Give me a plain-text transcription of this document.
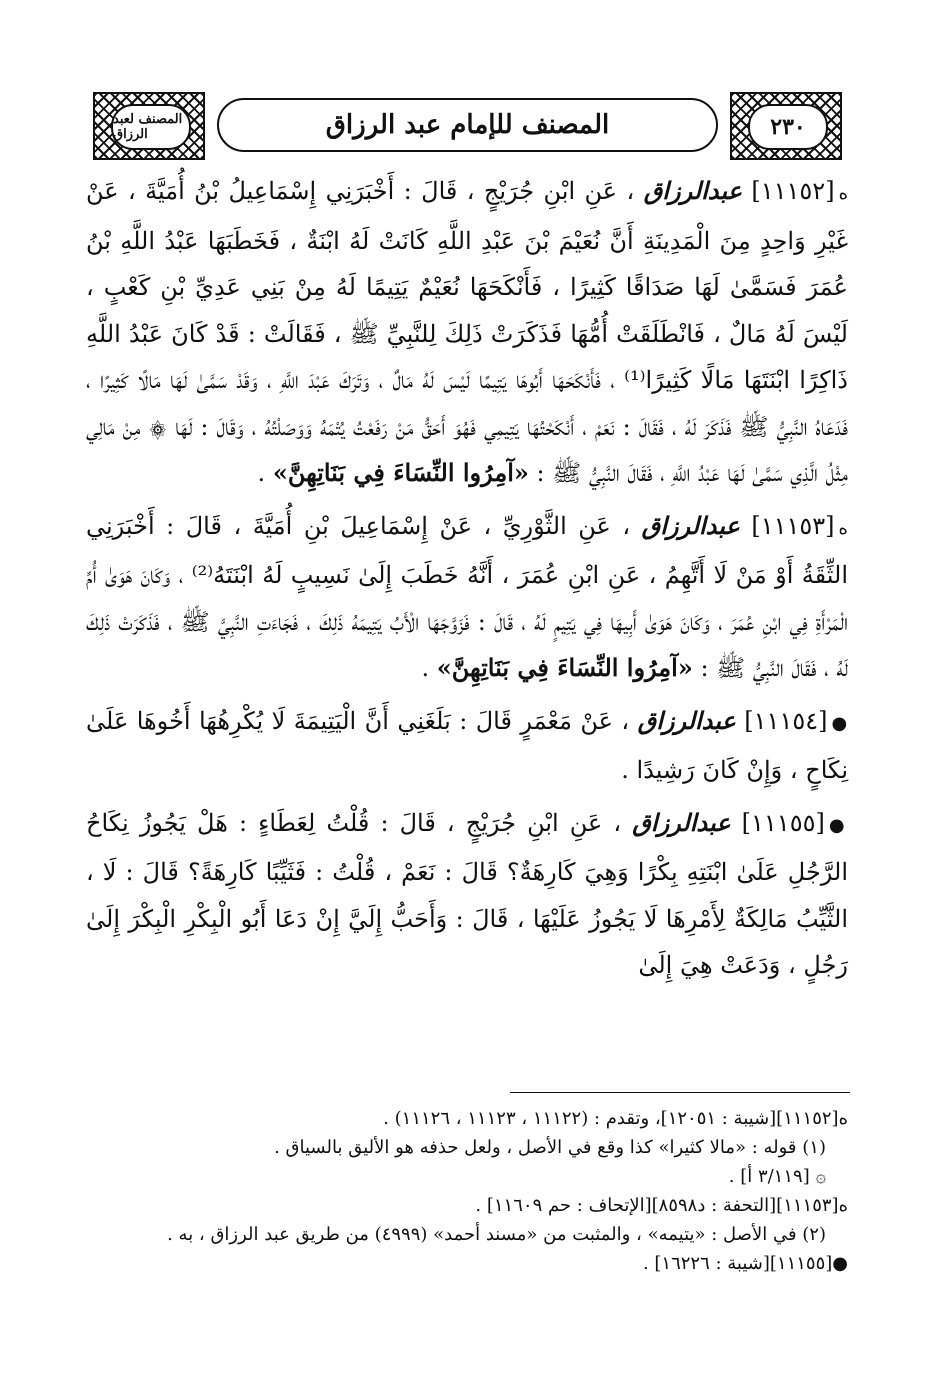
المصنف لعبد الرزاق	المصنف للإمام عبد الرزاق	٢٣٠

ە[١١١٥٢] عبدالرزاق ، عَنِ ابْنِ جُرَيْجٍ ، قَالَ : أَخْبَرَنِي إِسْمَاعِيلُ بْنُ أُمَيَّةَ ، عَنْ غَيْرِ وَاحِدٍ مِنَ الْمَدِينَةِ أَنَّ نُعَيْمَ بْنَ عَبْدِ اللَّهِ كَانَتْ لَهُ ابْنَةٌ ، فَخَطَبَهَا عَبْدُ اللَّهِ بْنُ عُمَرَ فَسَمَّىٰ لَهَا صَدَاقًا كَثِيرًا ، فَأَنْكَحَهَا نُعَيْمٌ يَتِيمًا لَهُ مِنْ بَنِي عَدِيِّ بْنِ كَعْبٍ ، لَيْسَ لَهُ مَالٌ ، فَانْطَلَقَتْ أُمُّهَا فَذَكَرَتْ ذَلِكَ لِلنَّبِيِّ ﷺ ، فَقَالَتْ : قَدْ كَانَ عَبْدُ اللَّهِ ذَاكِرًا ابْنَتَهَا مَالًا كَثِيرًا⁽¹⁾ ، فَأَنْكَحَهَا أَبُوهَا يَتِيمًا لَيْسَ لَهُ مَالٌ ، وَتَرَكَ عَبْدَ اللَّهِ ، وَقَدْ سَمَّىٰ لَهَا مَالًا كَثِيرًا ، فَدَعَاهُ النَّبِيُّ ﷺ فَذَكَرَ لَهُ ، فَقَالَ : نَعَمْ ، أَنْكَحْتُهَا يَتِيمِي فَهُوَ أَحَقُّ مَنْ رَفَعْتُ يُتْمَهُ وَوَصَلْتُهُ ، وَقَالَ : لَهَا ۞ مِنْ مَالِي مِثْلُ الَّذِي سَمَّىٰ لَهَا عَبْدُ اللَّهِ ، فَقَالَ النَّبِيُّ ﷺ : «آمِرُوا النِّسَاءَ فِي بَنَاتِهِنَّ» .

ە[١١١٥٣] عبدالرزاق ، عَنِ الثَّوْرِيِّ ، عَنْ إِسْمَاعِيلَ بْنِ أُمَيَّةَ ، قَالَ : أَخْبَرَنِي الثِّقَةُ أَوْ مَنْ لَا أَتَّهِمُ ، عَنِ ابْنِ عُمَرَ ، أَنَّهُ خَطَبَ إِلَىٰ نَسِيبٍ لَهُ ابْنَتَهُ⁽²⁾ ، وَكَانَ هَوَىٰ أُمِّ الْمَرْأَةِ فِي ابْنِ عُمَرَ ، وَكَانَ هَوَىٰ أَبِيهَا فِي يَتِيمٍ لَهُ ، قَالَ : فَزَوَّجَهَا الْأَبُ يَتِيمَهُ ذَلِكَ ، فَجَاءَتِ النَّبِيَّ ﷺ ، فَذَكَرَتْ ذَلِكَ لَهُ ، فَقَالَ النَّبِيُّ ﷺ : «آمِرُوا النِّسَاءَ فِي بَنَاتِهِنَّ» .

●[١١١٥٤] عبدالرزاق ، عَنْ مَعْمَرٍ قَالَ : بَلَغَنِي أَنَّ الْيَتِيمَةَ لَا يُكْرِهُهَا أَخُوهَا عَلَىٰ نِكَاحٍ ، وَإِنْ كَانَ رَشِيدًا .

●[١١١٥٥] عبدالرزاق ، عَنِ ابْنِ جُرَيْجٍ ، قَالَ : قُلْتُ لِعَطَاءٍ : هَلْ يَجُوزُ نِكَاحُ الرَّجُلِ عَلَىٰ ابْنَتِهِ بِكْرًا وَهِيَ كَارِهَةٌ؟ قَالَ : نَعَمْ ، قُلْتُ : فَثَيِّبًا كَارِهَةً؟ قَالَ : لَا ، الثَّيِّبُ مَالِكَةٌ لِأَمْرِهَا لَا يَجُوزُ عَلَيْهَا ، قَالَ : وَأَحَبُّ إِلَيَّ إِنْ دَعَا أَبُو الْبِكْرِ الْبِكْرَ إِلَىٰ رَجُلٍ ، وَدَعَتْ هِيَ إِلَىٰ

ە[١١١٥٢][شيبة : ١٢٠٥١]، وتقدم : (١١١٢٢ ، ١١١٢٣ ، ١١١٢٦) .

(١) قوله : «مالا كثيرا» كذا وقع في الأصل ، ولعل حذفه هو الأليق بالسياق .

۞ [٣/١١٩ أ] .

ە[١١١٥٣][التحفة : د٨٥٩٨][الإتحاف : حم ١١٦٠٩] .

(٢) في الأصل : «يتيمه» ، والمثبت من «مسند أحمد» (٤٩٩٩) من طريق عبد الرزاق ، به .

●[١١١٥٥][شيبة : ١٦٢٢٦] .
